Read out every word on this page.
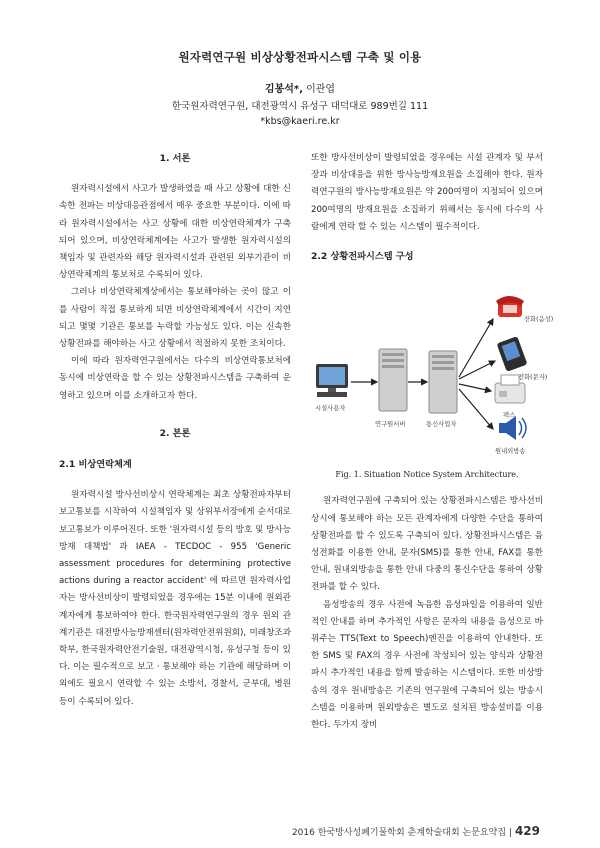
원자력연구원 비상상황전파시스템 구축 및 이용
김봉석*, 이관엽
한국원자력연구원, 대전광역시 유성구 대덕대로 989번길 111
*kbs@kaeri.re.kr
1. 서론

원자력시설에서 사고가 발생하였을 때 사고 상황에 대한 신속한 전파는 비상대응관점에서 매우 중요한 부분이다. 이에 따라 원자력시설에서는 사고 상황에 대한 비상연락체계가 구축되어 있으며, 비상연락체계에는 사고가 발생한 원자력시설의 책임자 및 관련자와 해당 원자력시설과 관련된 외부기관이 비상연락체계의 통보처로 수록되어 있다.

그러나 비상연락체계상에서는 통보해야하는 곳이 많고 이를 사람이 직접 통보하게 되면 비상연락체계에서 시간이 지연되고 몇몇 기관은 통보를 누락할 가능성도 있다. 이는 신속한 상황전파를 해야하는 사고 상황에서 적절하지 못한 조치이다.

이에 따라 원자력연구원에서는 다수의 비상연락통보처에 동시에 비상연락을 할 수 있는 상황전파시스템을 구축하여 운영하고 있으며 이를 소개하고자 한다.

2. 본론
2.1 비상연락체계

원자력시설 방사선비상시 연락체계는 최초 상황전파자부터 보고통보를 시작하여 시설책임자 및 상위부서장에게 순서대로 보고통보가 이루어진다. 또한 '원자력시설 등의 방호 및 방사능 방재 대책법' 과 IAEA - TECDOC - 955 'Generic assessment procedures for determining protective actions during a reactor accident' 에 따르면 원자력사업자는 방사선비상이 발령되었을 경우에는 15분 이내에 원외관계자에게 통보하여야 한다. 한국원자력연구원의 경우 원외 관계기관은 대전방사능방재센터(원자력안전위원회), 미래창조과학부, 한국원자력안전기술원, 대전광역시청, 유성구청 등이 있다. 이는 필수적으로 보고 · 통보해야 하는 기관에 해당하며 이외에도 필요시 연락할 수 있는 소방서, 경찰서, 군부대, 병원 등이 수록되어 있다.

또한 방사선비상이 발령되었을 경우에는 시설 관계자 및 부서장과 비상대응을 위한 방사능방재요원을 소집해야 한다. 원자력연구원의 방사능방재요원은 약 200여명이 지정되어 있으며 200여명의 방재요원을 소집하기 위해서는 동시에 다수의 사람에게 연락 할 수 있는 시스템이 필수적이다.

2.2 상황전파시스템 구성
시설사용자
연구원서버	통신사업자
전화(음성)
전화(문자)
팩스
원내외방송
Fig. 1. Situation Notice System Architecture.

원자력연구원에 구축되어 있는 상황전파시스템은 방사선비상시에 통보해야 하는 모든 관계자에게 다양한 수단을 통하여 상황전파를 할 수 있도록 구축되어 있다. 상황전파시스템은 음성전화를 이용한 안내, 문자(SMS)를 통한 안내, FAX를 통한 안내, 원내외방송을 통한 안내 다중의 통신수단을 통하여 상황전파를 할 수 있다.

음성방송의 경우 사전에 녹음한 음성파일을 이용하여 일반적인 안내를 하며 추가적인 사항은 문자의 내용을 음성으로 바꿔주는 TTS(Text to Speech)엔진을 이용하여 안내한다. 또한 SMS 및 FAX의 경우 사전에 작성되어 있는 양식과 상황전파시 추가적인 내용을 함께 발송하는 시스템이다. 또한 비상방송의 경우 원내방송은 기존의 연구원에 구축되어 있는 방송시스템을 이용하며 원외방송은 별도로 설치된 방송설비를 이용한다. 두가지 장비

2016 한국방사성폐기물학회 춘계학술대회 논문요약집 | 429
